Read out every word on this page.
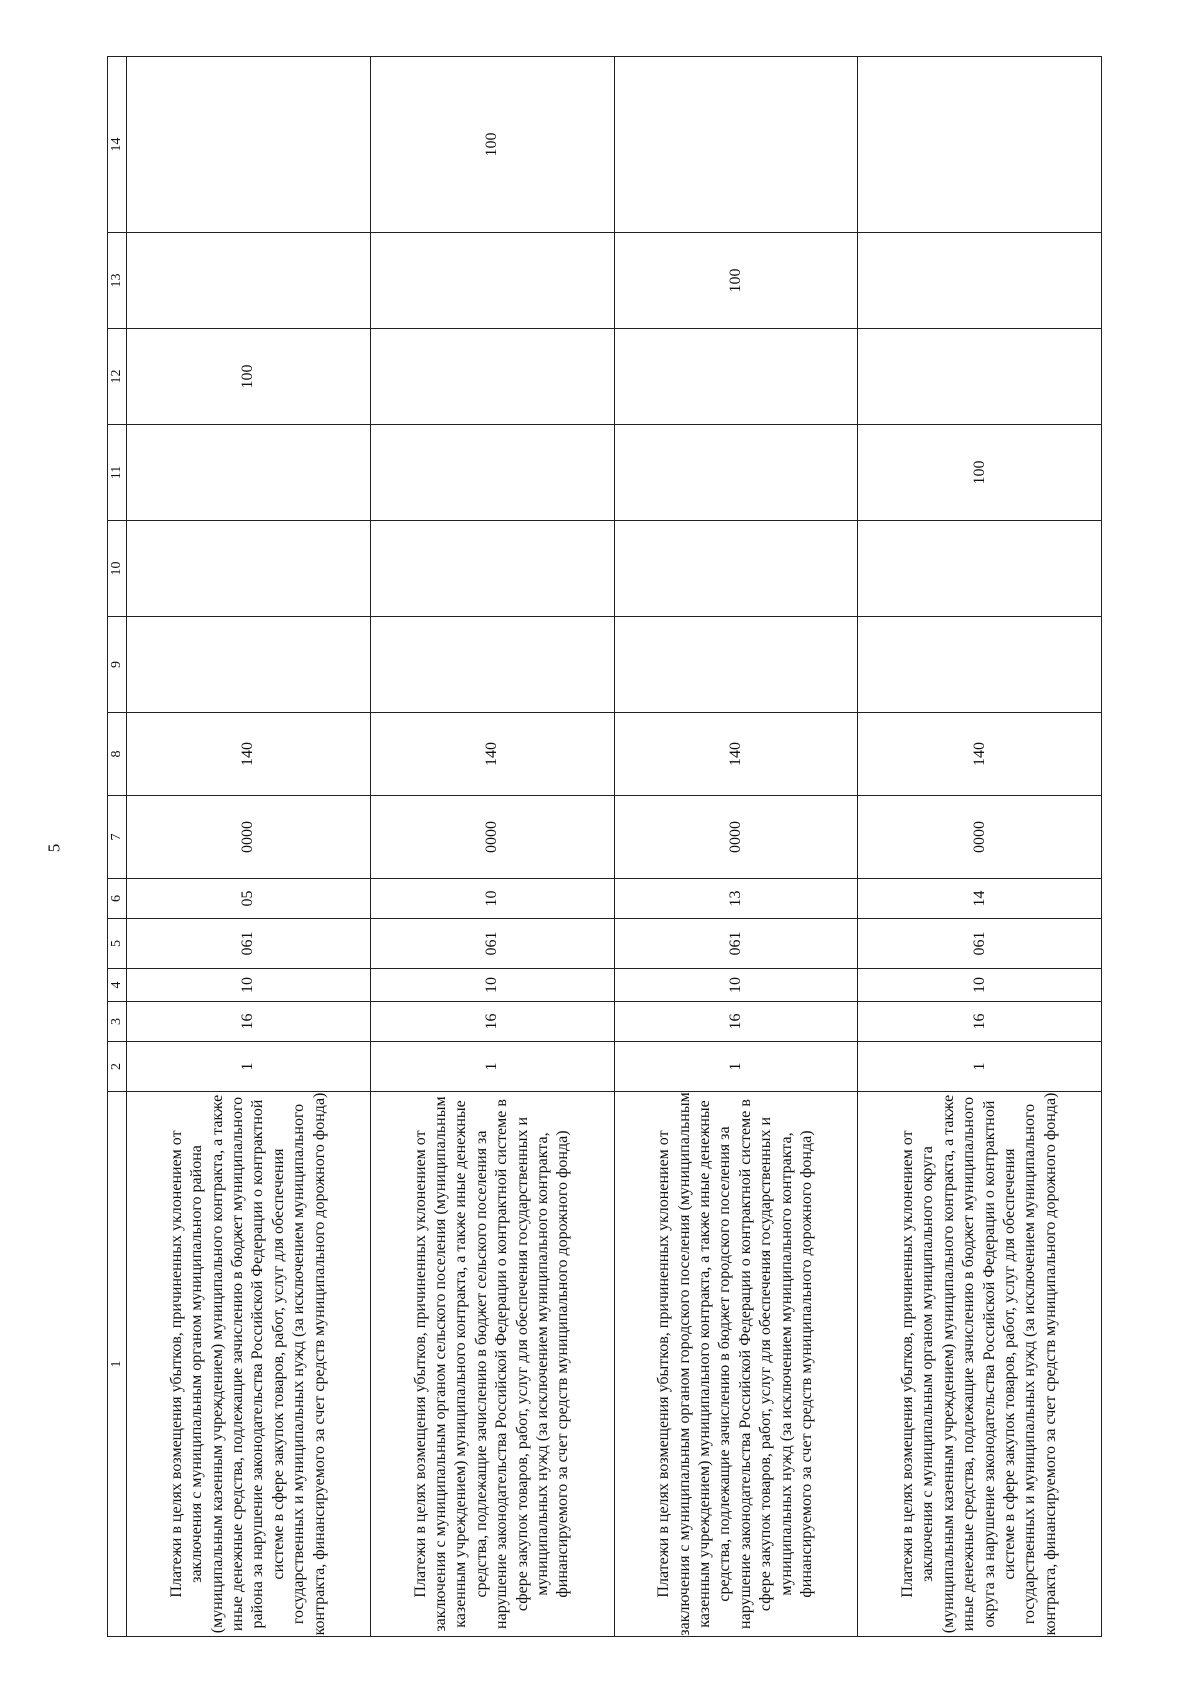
5
1	2	3	4	5	6	7	8	9	10	11	12	13	14
Платежи в целях возмещения убытков, причиненных уклонением от заключения с муниципальным органом муниципального района (муниципальным казенным учреждением) муниципального контракта, а также иные денежные средства, подлежащие зачислению в бюджет муниципального района за нарушение законодательства Российской Федерации о контрактной системе в сфере закупок товаров, работ, услуг для обеспечения государственных и муниципальных нужд (за исключением муниципального контракта, финансируемого за счет средств муниципального дорожного фонда)	1	16	10	061	05	0000	140				100		
Платежи в целях возмещения убытков, причиненных уклонением от заключения с муниципальным органом сельского поселения (муниципальным казенным учреждением) муниципального контракта, а также иные денежные средства, подлежащие зачислению в бюджет сельского поселения за нарушение законодательства Российской Федерации о контрактной системе в сфере закупок товаров, работ, услуг для обеспечения государственных и муниципальных нужд (за исключением муниципального контракта, финансируемого за счет средств муниципального дорожного фонда)	1	16	10	061	10	0000	140						100
Платежи в целях возмещения убытков, причиненных уклонением от заключения с муниципальным органом городского поселения (муниципальным казенным учреждением) муниципального контракта, а также иные денежные средства, подлежащие зачислению в бюджет городского поселения за нарушение законодательства Российской Федерации о контрактной системе в сфере закупок товаров, работ, услуг для обеспечения государственных и муниципальных нужд (за исключением муниципального контракта, финансируемого за счет средств муниципального дорожного фонда)	1	16	10	061	13	0000	140					100	
Платежи в целях возмещения убытков, причиненных уклонением от заключения с муниципальным органом муниципального округа (муниципальным казенным учреждением) муниципального контракта, а также иные денежные средства, подлежащие зачислению в бюджет муниципального округа за нарушение законодательства Российской Федерации о контрактной системе в сфере закупок товаров, работ, услуг для обеспечения государственных и муниципальных нужд (за исключением муниципального контракта, финансируемого за счет средств муниципального дорожного фонда)	1	16	10	061	14	0000	140			100			
